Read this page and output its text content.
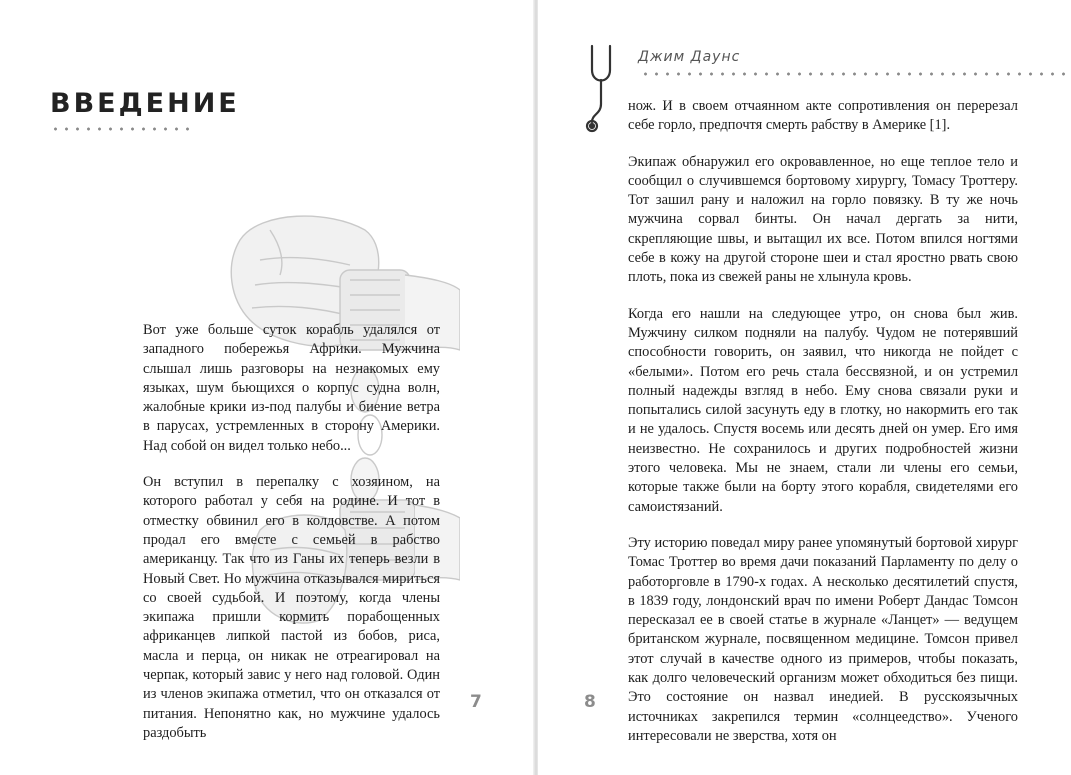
ВВЕДЕНИЕ

Вот уже больше суток корабль удалялся от западного побережья Африки. Мужчина слышал лишь разговоры на незнакомых ему языках, шум бьющихся о корпус судна волн, жалобные крики из-под палубы и биение ветра в парусах, устремленных в сторону Америки. Над собой он видел только небо...

Он вступил в перепалку с хозяином, на которого работал у себя на родине. И тот в отместку обвинил его в колдовстве. А потом продал его вместе с семьей в рабство американцу. Так что из Ганы их теперь везли в Новый Свет. Но мужчина отказывался мириться со своей судьбой. И поэтому, когда члены экипажа пришли кормить порабощенных африканцев липкой пастой из бобов, риса, масла и перца, он никак не отреагировал на черпак, который завис у него над головой. Один из членов экипажа отметил, что он отказался от питания. Непонятно как, но мужчине удалось раздобыть

7
Джим Даунс

нож. И в своем отчаянном акте сопротивления он перерезал себе горло, предпочтя смерть рабству в Америке [1].

Экипаж обнаружил его окровавленное, но еще теплое тело и сообщил о случившемся бортовому хирургу, Томасу Троттеру. Тот зашил рану и наложил на горло повязку. В ту же ночь мужчина сорвал бинты. Он начал дергать за нити, скрепляющие швы, и вытащил их все. Потом впился ногтями себе в кожу на другой стороне шеи и стал яростно рвать свою плоть, пока из свежей раны не хлынула кровь.

Когда его нашли на следующее утро, он снова был жив. Мужчину силком подняли на палубу. Чудом не потерявший способности говорить, он заявил, что никогда не пойдет с «белыми». Потом его речь стала бессвязной, и он устремил полный надежды взгляд в небо. Ему снова связали руки и попытались силой засунуть еду в глотку, но накормить его так и не удалось. Спустя восемь или десять дней он умер. Его имя неизвестно. Не сохранилось и других подробностей жизни этого человека. Мы не знаем, стали ли члены его семьи, которые также были на борту этого корабля, свидетелями его самоистязаний.

Эту историю поведал миру ранее упомянутый бортовой хирург Томас Троттер во время дачи показаний Парламенту по делу о работорговле в 1790-х годах. А несколько десятилетий спустя, в 1839 году, лондонский врач по имени Роберт Дандас Томсон пересказал ее в своей статье в журнале «Ланцет» — ведущем британском журнале, посвященном медицине. Томсон привел этот случай в качестве одного из примеров, чтобы показать, как долго человеческий организм может обходиться без пищи. Это состояние он назвал инедией. В русскоязычных источниках закрепился термин «солнцеедство». Ученого интересовали не зверства, хотя он

8
